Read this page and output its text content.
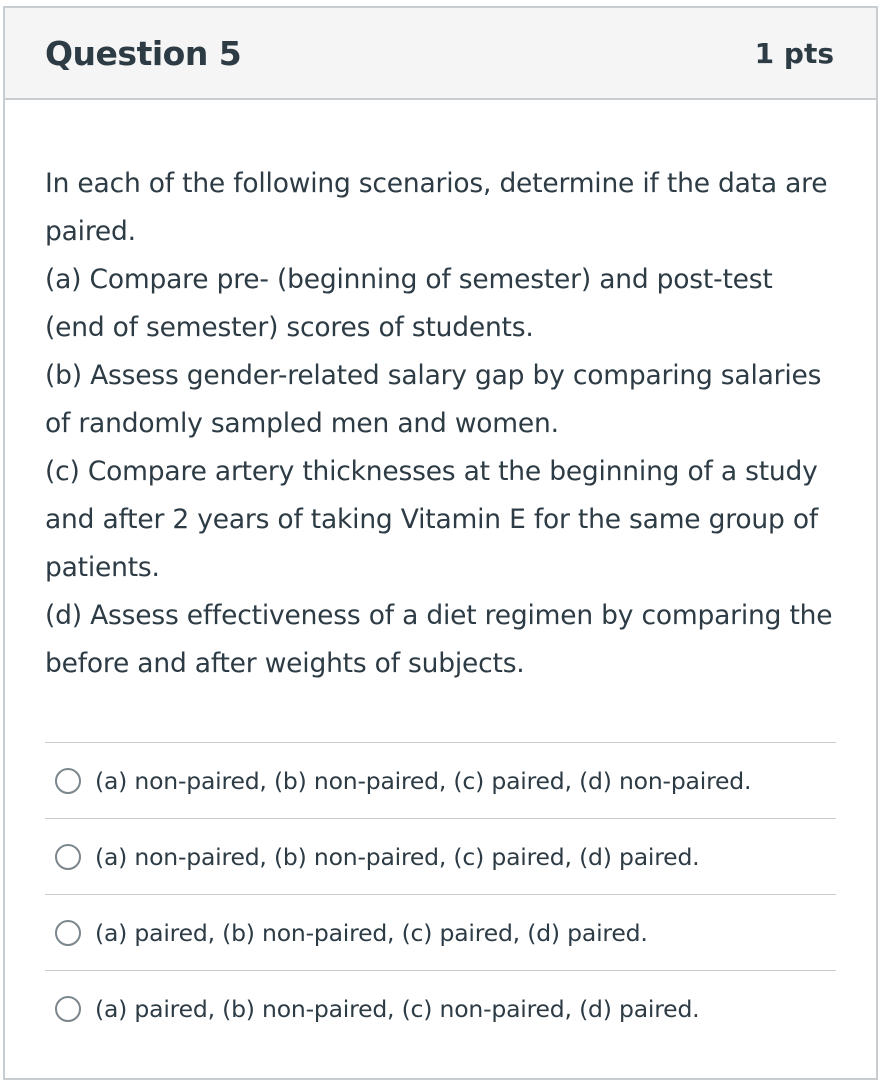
Question 5	1 pts

In each of the following scenarios, determine if the data are paired.

(a) Compare pre- (beginning of semester) and post-test (end of semester) scores of students.

(b) Assess gender-related salary gap by comparing salaries of randomly sampled men and women.

(c) Compare artery thicknesses at the beginning of a study and after 2 years of taking Vitamin E for the same group of patients.

(d) Assess effectiveness of a diet regimen by comparing the before and after weights of subjects.

(a) non-paired, (b) non-paired, (c) paired, (d) non-paired.
(a) non-paired, (b) non-paired, (c) paired, (d) paired.
(a) paired, (b) non-paired, (c) paired, (d) paired.
(a) paired, (b) non-paired, (c) non-paired, (d) paired.
